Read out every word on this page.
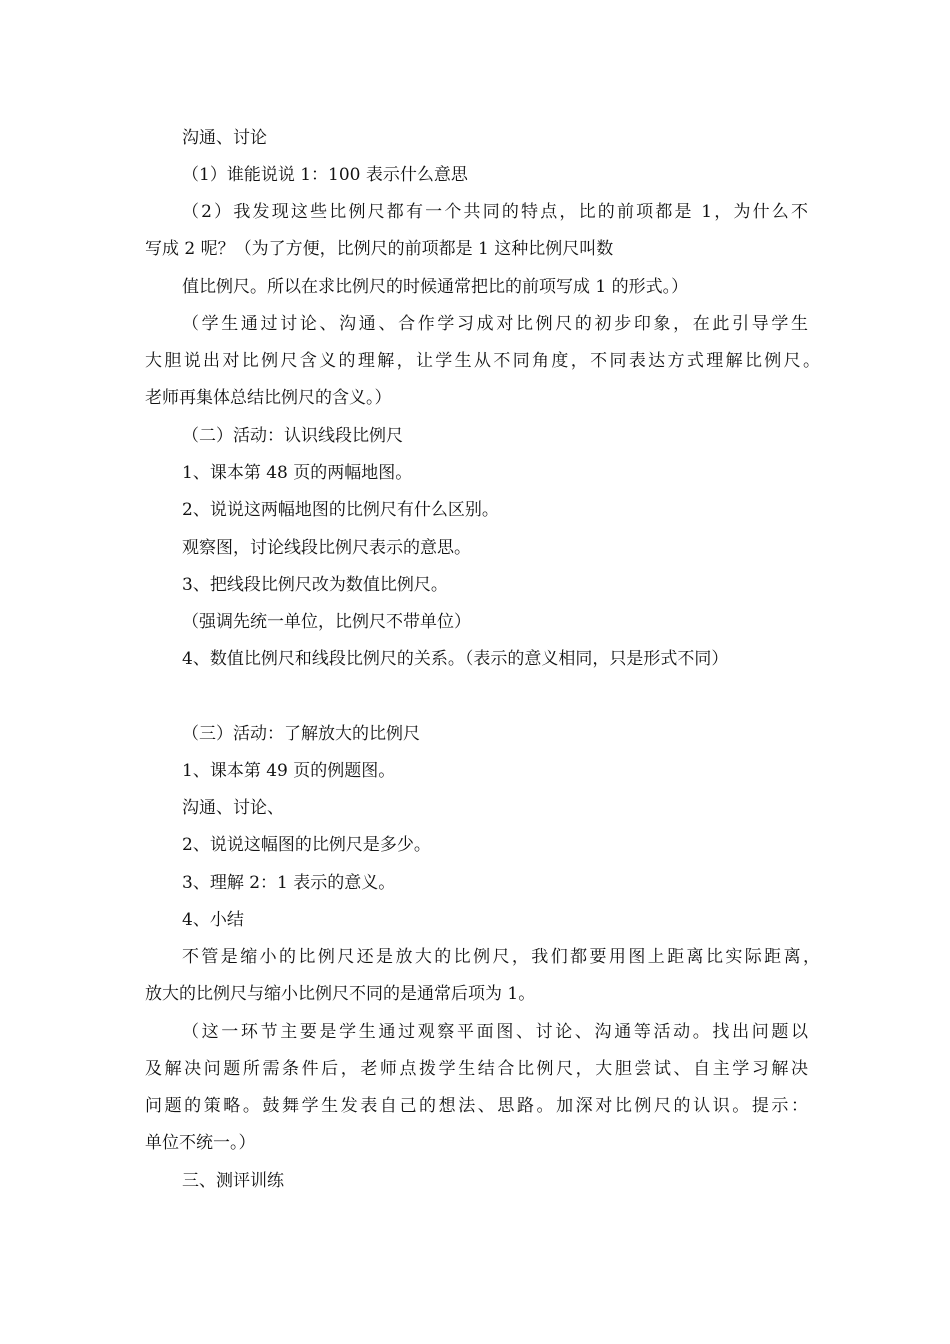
沟通、讨论
（1）谁能说说 1：100 表示什么意思
（2）我发现这些比例尺都有一个共同的特点，比的前项都是 1，为什么不
写成 2 呢？（为了方便，比例尺的前项都是 1 这种比例尺叫数
值比例尺。所以在求比例尺的时候通常把比的前项写成 1 的形式。）
（学生通过讨论、沟通、合作学习成对比例尺的初步印象，在此引导学生
大胆说出对比例尺含义的理解，让学生从不同角度，不同表达方式理解比例尺。
老师再集体总结比例尺的含义。）
（二）活动：认识线段比例尺
1、课本第 48 页的两幅地图。
2、说说这两幅地图的比例尺有什么区别。
观察图，讨论线段比例尺表示的意思。
3、把线段比例尺改为数值比例尺。
（强调先统一单位，比例尺不带单位）
4、数值比例尺和线段比例尺的关系。（表示的意义相同，只是形式不同）
（三）活动：了解放大的比例尺
1、课本第 49 页的例题图。
沟通、讨论、
2、说说这幅图的比例尺是多少。
3、理解 2：1 表示的意义。
4、小结
不管是缩小的比例尺还是放大的比例尺，我们都要用图上距离比实际距离，
放大的比例尺与缩小比例尺不同的是通常后项为 1。
（这一环节主要是学生通过观察平面图、讨论、沟通等活动。找出问题以
及解决问题所需条件后，老师点拨学生结合比例尺，大胆尝试、自主学习解决
问题的策略。鼓舞学生发表自己的想法、思路。加深对比例尺的认识。提示：
单位不统一。）
三、测评训练
